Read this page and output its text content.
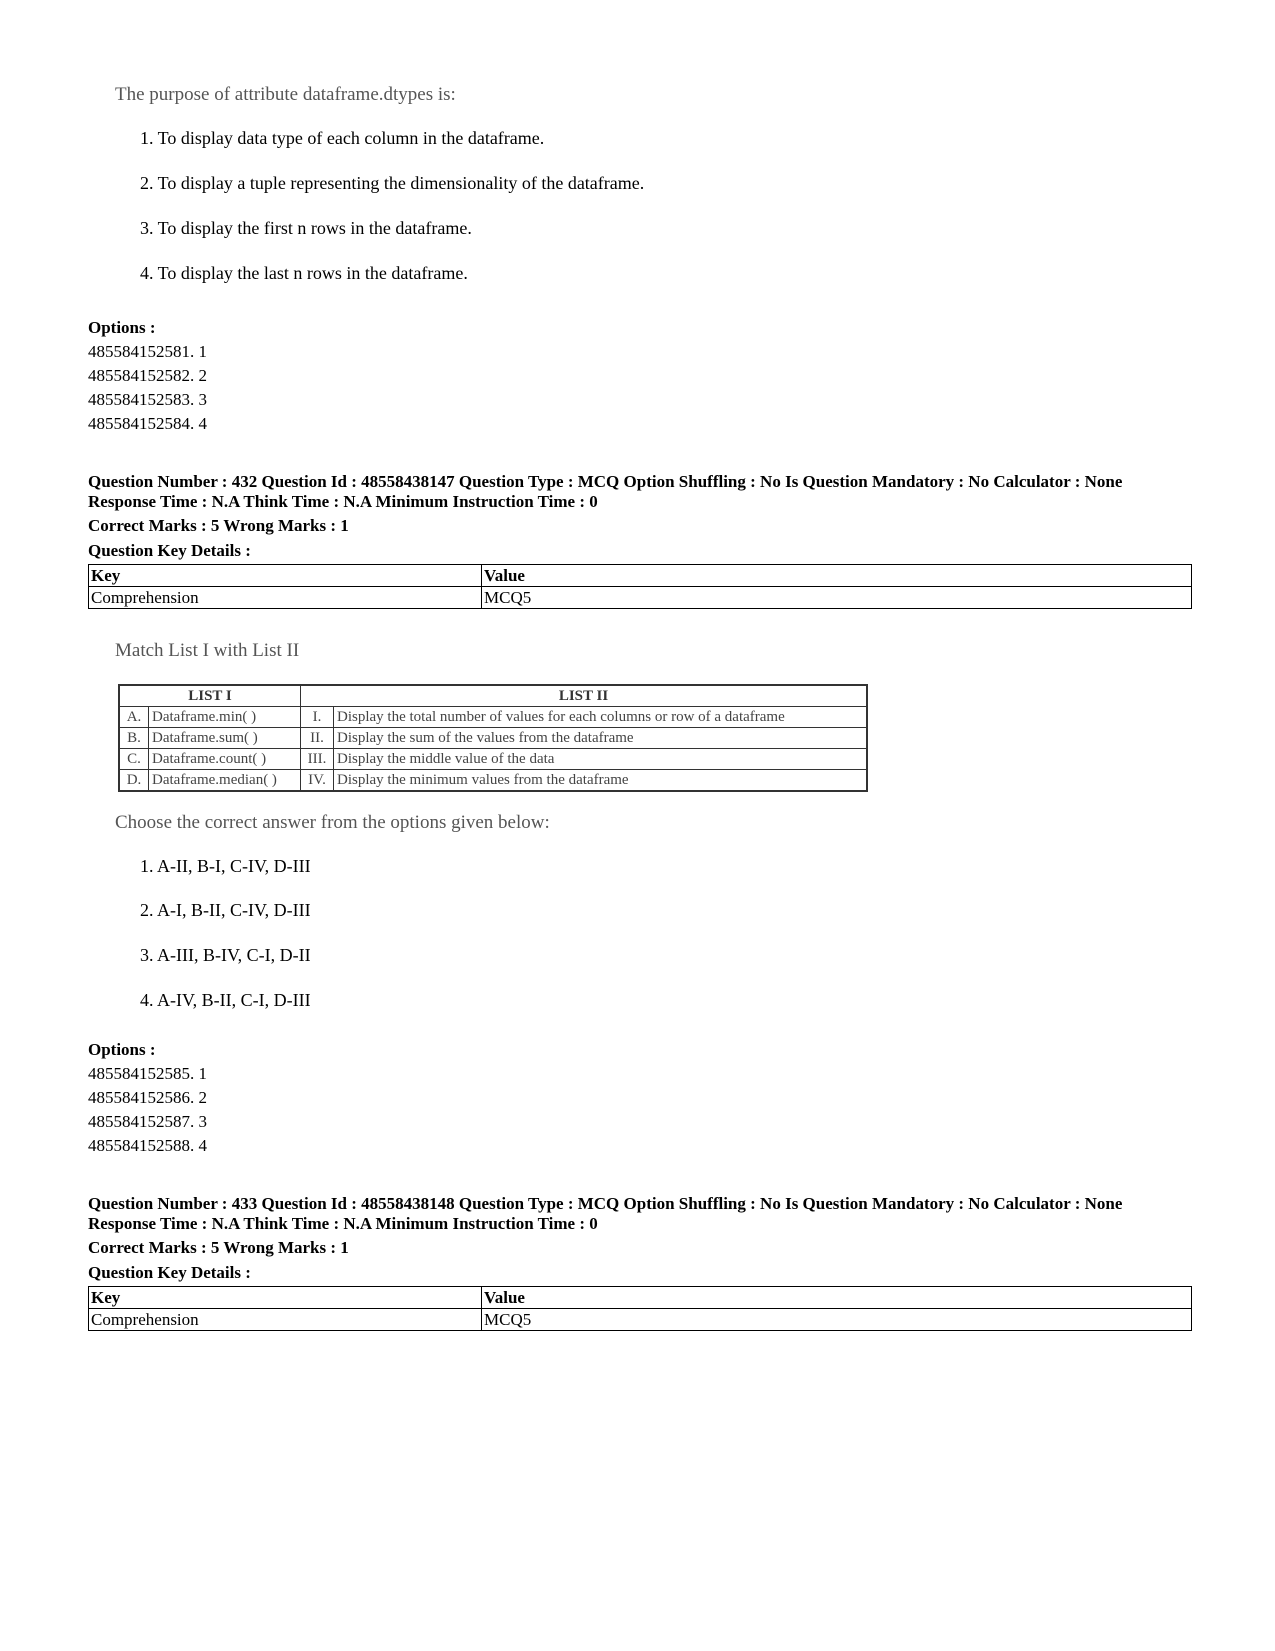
The purpose of attribute dataframe.dtypes is:
1. To display data type of each column in the dataframe.
2. To display a tuple representing the dimensionality of the dataframe.
3. To display the first n rows in the dataframe.
4. To display the last n rows in the dataframe.
Options :
485584152581. 1
485584152582. 2
485584152583. 3
485584152584. 4
Question Number : 432 Question Id : 48558438147 Question Type : MCQ Option Shuffling : No Is Question Mandatory : No Calculator : None
Response Time : N.A Think Time : N.A Minimum Instruction Time : 0
Correct Marks : 5 Wrong Marks : 1
Question Key Details :
Key	Value
Comprehension	MCQ5
Match List I with List II
LIST I		LIST II	
A.	Dataframe.min( )	I.	Display the total number of values for each columns or row of a dataframe
B.	Dataframe.sum( )	II.	Display the sum of the values from the dataframe
C.	Dataframe.count( )	III.	Display the middle value of the data
D.	Dataframe.median( )	IV.	Display the minimum values from the dataframe
Choose the correct answer from the options given below:
1. A-II, B-I, C-IV, D-III
2. A-I, B-II, C-IV, D-III
3. A-III, B-IV, C-I, D-II
4. A-IV, B-II, C-I, D-III
Options :
485584152585. 1
485584152586. 2
485584152587. 3
485584152588. 4
Question Number : 433 Question Id : 48558438148 Question Type : MCQ Option Shuffling : No Is Question Mandatory : No Calculator : None
Response Time : N.A Think Time : N.A Minimum Instruction Time : 0
Correct Marks : 5 Wrong Marks : 1
Question Key Details :
Key	Value
Comprehension	MCQ5
